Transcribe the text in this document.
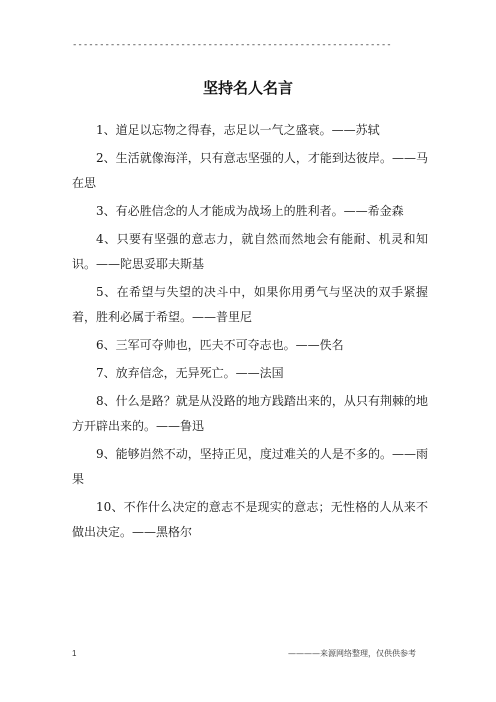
-----------------------------------------------------------
坚持名人名言
1、道足以忘物之得春，志足以一气之盛衰。——苏轼
2、生活就像海洋，只有意志坚强的人，才能到达彼岸。——马在思
3、有必胜信念的人才能成为战场上的胜利者。——希金森
4、只要有坚强的意志力，就自然而然地会有能耐、机灵和知识。——陀思妥耶夫斯基
5、在希望与失望的决斗中，如果你用勇气与坚决的双手紧握着，胜利必属于希望。——普里尼
6、三军可夺帅也，匹夫不可夺志也。——佚名
7、放弃信念，无异死亡。——法国
8、什么是路？就是从没路的地方践踏出来的，从只有荆棘的地方开辟出来的。——鲁迅
9、能够岿然不动，坚持正见，度过难关的人是不多的。——雨果
10、不作什么决定的意志不是现实的意志；无性格的人从来不做出决定。——黑格尔
1	————来源网络整理，仅供供参考
